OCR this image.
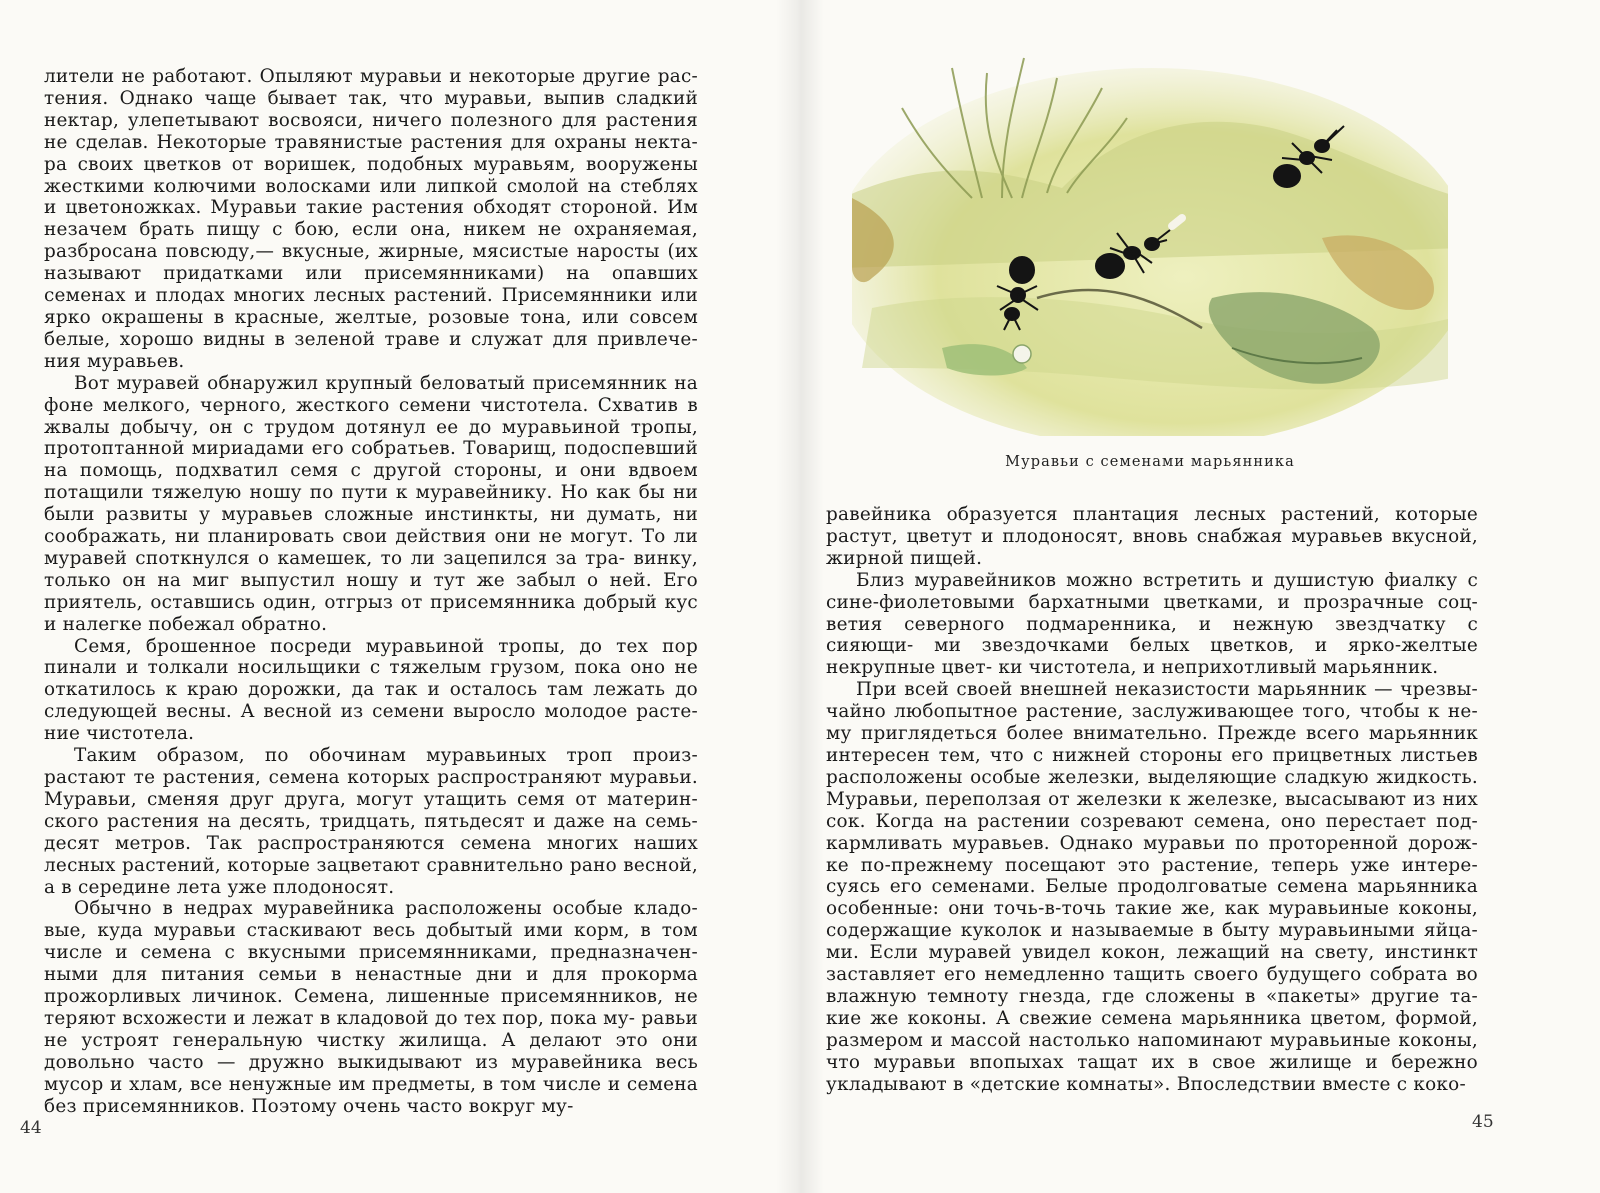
лители не работают. Опыляют муравьи и некоторые другие рас- тения. Однако чаще бывает так, что муравьи, выпив сладкий нектар, улепетывают восвояси, ничего полезного для растения не сделав. Некоторые травянистые растения для охраны некта- ра своих цветков от воришек, подобных муравьям, вооружены жесткими колючими волосками или липкой смолой на стеблях и цветоножках. Муравьи такие растения обходят стороной. Им незачем брать пищу с бою, если она, никем не охраняемая, разбросана повсюду,— вкусные, жирные, мясистые наросты (их называют придатками или присемянниками) на опавших семенах и плодах многих лесных растений. Присемянники или ярко окрашены в красные, желтые, розовые тона, или совсем белые, хорошо видны в зеленой траве и служат для привлече- ния муравьев.

Вот муравей обнаружил крупный беловатый присемянник на фоне мелкого, черного, жесткого семени чистотела. Схватив в жвалы добычу, он с трудом дотянул ее до муравьиной тропы, протоптанной мириадами его собратьев. Товарищ, подоспевший на помощь, подхватил семя с другой стороны, и они вдвоем потащили тяжелую ношу по пути к муравейнику. Но как бы ни были развиты у муравьев сложные инстинкты, ни думать, ни соображать, ни планировать свои действия они не могут. То ли муравей споткнулся о камешек, то ли зацепился за тра- винку, только он на миг выпустил ношу и тут же забыл о ней. Его приятель, оставшись один, отгрыз от присемянника добрый кус и налегке побежал обратно.

Семя, брошенное посреди муравьиной тропы, до тех пор пинали и толкали носильщики с тяжелым грузом, пока оно не откатилось к краю дорожки, да так и осталось там лежать до следующей весны. А весной из семени выросло молодое расте- ние чистотела.

Таким образом, по обочинам муравьиных троп произ- растают те растения, семена которых распространяют муравьи. Муравьи, сменяя друг друга, могут утащить семя от материн- ского растения на десять, тридцать, пятьдесят и даже на семь- десят метров. Так распространяются семена многих наших лесных растений, которые зацветают сравнительно рано весной, а в середине лета уже плодоносят.

Обычно в недрах муравейника расположены особые кладо- вые, куда муравьи стаскивают весь добытый ими корм, в том числе и семена с вкусными присемянниками, предназначен- ными для питания семьи в ненастные дни и для прокорма прожорливых личинок. Семена, лишенные присемянников, не теряют всхожести и лежат в кладовой до тех пор, пока му- равьи не устроят генеральную чистку жилища. А делают это они довольно часто — дружно выкидывают из муравейника весь мусор и хлам, все ненужные им предметы, в том числе и семена без присемянников. Поэтому очень часто вокруг му-

44
Муравьи с семенами марьянника

равейника образуется плантация лесных растений, которые растут, цветут и плодоносят, вновь снабжая муравьев вкусной, жирной пищей.

Близ муравейников можно встретить и душистую фиалку с сине-фиолетовыми бархатными цветками, и прозрачные соц- ветия северного подмаренника, и нежную звездчатку с сияющи- ми звездочками белых цветков, и ярко-желтые некрупные цвет- ки чистотела, и неприхотливый марьянник.

При всей своей внешней неказистости марьянник — чрезвы- чайно любопытное растение, заслуживающее того, чтобы к не- му приглядеться более внимательно. Прежде всего марьянник интересен тем, что с нижней стороны его прицветных листьев расположены особые железки, выделяющие сладкую жидкость. Муравьи, переползая от железки к железке, высасывают из них сок. Когда на растении созревают семена, оно перестает под- кармливать муравьев. Однако муравьи по проторенной дорож- ке по-прежнему посещают это растение, теперь уже интере- суясь его семенами. Белые продолговатые семена марьянника особенные: они точь-в-точь такие же, как муравьиные коконы, содержащие куколок и называемые в быту муравьиными яйца- ми. Если муравей увидел кокон, лежащий на свету, инстинкт заставляет его немедленно тащить своего будущего собрата во влажную темноту гнезда, где сложены в «пакеты» другие та- кие же коконы. А свежие семена марьянника цветом, формой, размером и массой настолько напоминают муравьиные коконы, что муравьи впопыхах тащат их в свое жилище и бережно укладывают в «детские комнаты». Впоследствии вместе с коко-

45
